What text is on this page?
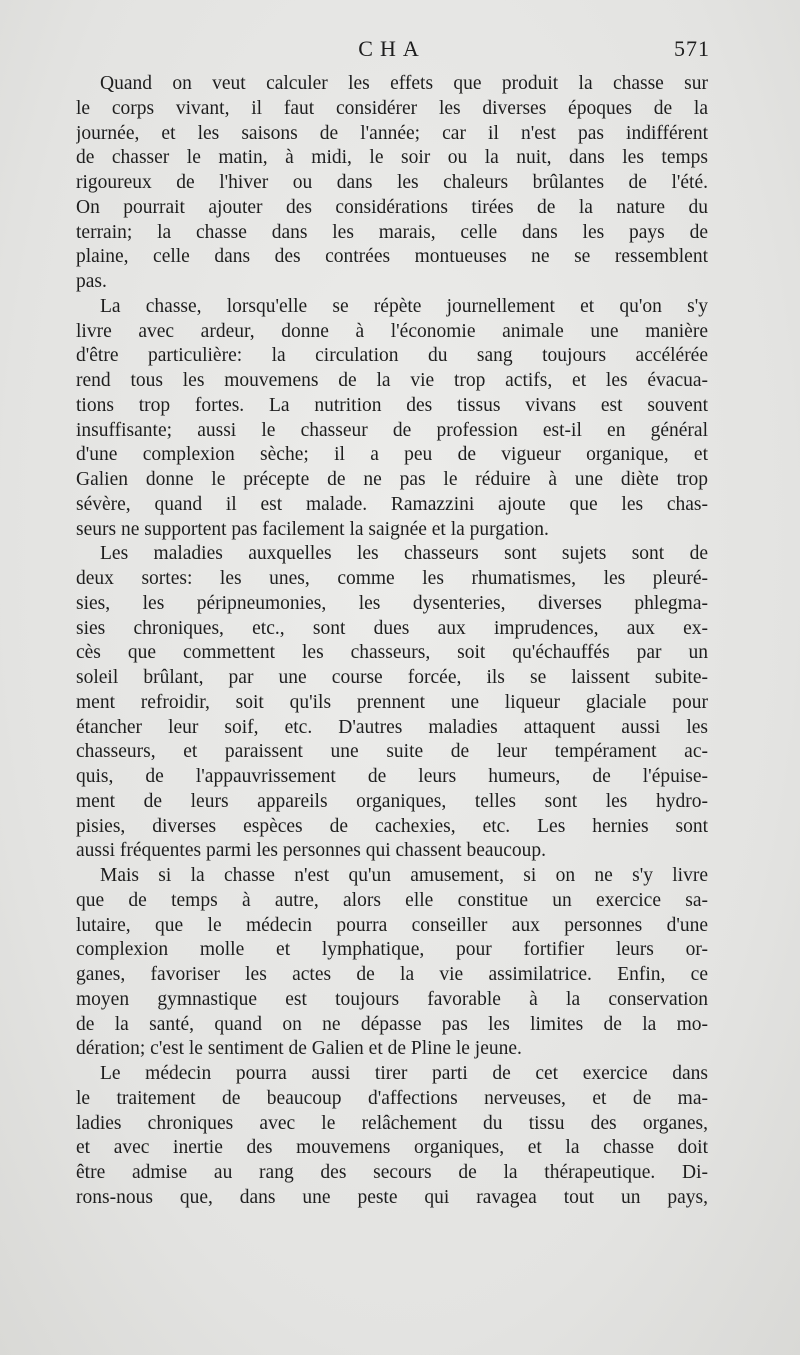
CHA	571
Quand on veut calculer les effets que produit la chasse sur
le corps vivant, il faut considérer les diverses époques de la
journée, et les saisons de l'année; car il n'est pas indifférent
de chasser le matin, à midi, le soir ou la nuit, dans les temps
rigoureux de l'hiver ou dans les chaleurs brûlantes de l'été.
On pourrait ajouter des considérations tirées de la nature du
terrain; la chasse dans les marais, celle dans les pays de
plaine, celle dans des contrées montueuses ne se ressemblent
pas.
La chasse, lorsqu'elle se répète journellement et qu'on s'y
livre avec ardeur, donne à l'économie animale une manière
d'être particulière: la circulation du sang toujours accélérée
rend tous les mouvemens de la vie trop actifs, et les évacua-
tions trop fortes. La nutrition des tissus vivans est souvent
insuffisante; aussi le chasseur de profession est-il en général
d'une complexion sèche; il a peu de vigueur organique, et
Galien donne le précepte de ne pas le réduire à une diète trop
sévère, quand il est malade. Ramazzini ajoute que les chas-
seurs ne supportent pas facilement la saignée et la purgation.
Les maladies auxquelles les chasseurs sont sujets sont de
deux sortes: les unes, comme les rhumatismes, les pleuré-
sies, les péripneumonies, les dysenteries, diverses phlegma-
sies chroniques, etc., sont dues aux imprudences, aux ex-
cès que commettent les chasseurs, soit qu'échauffés par un
soleil brûlant, par une course forcée, ils se laissent subite-
ment refroidir, soit qu'ils prennent une liqueur glaciale pour
étancher leur soif, etc. D'autres maladies attaquent aussi les
chasseurs, et paraissent une suite de leur tempérament ac-
quis, de l'appauvrissement de leurs humeurs, de l'épuise-
ment de leurs appareils organiques, telles sont les hydro-
pisies, diverses espèces de cachexies, etc. Les hernies sont
aussi fréquentes parmi les personnes qui chassent beaucoup.
Mais si la chasse n'est qu'un amusement, si on ne s'y livre
que de temps à autre, alors elle constitue un exercice sa-
lutaire, que le médecin pourra conseiller aux personnes d'une
complexion molle et lymphatique, pour fortifier leurs or-
ganes, favoriser les actes de la vie assimilatrice. Enfin, ce
moyen gymnastique est toujours favorable à la conservation
de la santé, quand on ne dépasse pas les limites de la mo-
dération; c'est le sentiment de Galien et de Pline le jeune.
Le médecin pourra aussi tirer parti de cet exercice dans
le traitement de beaucoup d'affections nerveuses, et de ma-
ladies chroniques avec le relâchement du tissu des organes,
et avec inertie des mouvemens organiques, et la chasse doit
être admise au rang des secours de la thérapeutique. Di-
rons-nous que, dans une peste qui ravagea tout un pays,
